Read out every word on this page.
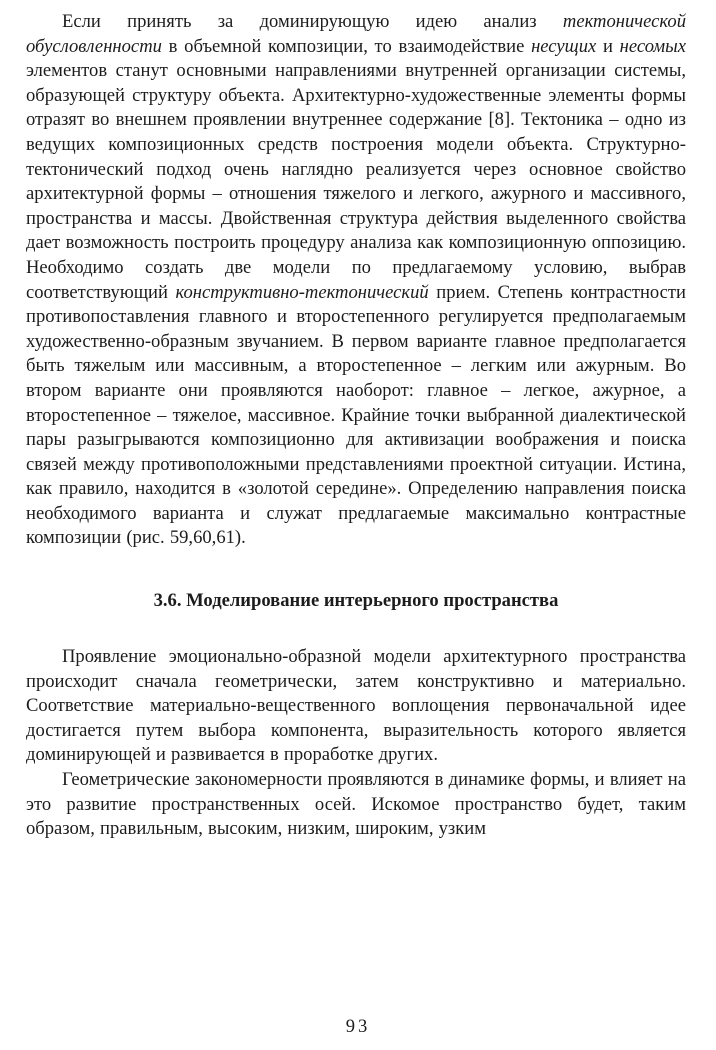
Если принять за доминирующую идею анализ тектонической обусловленности в объемной композиции, то взаимодействие несущих и несомых элементов станут основными направлениями внутренней организации системы, образующей структуру объекта. Архитектурно-художественные элементы формы отразят во внешнем проявлении внутреннее содержание [8]. Тектоника – одно из ведущих композиционных средств построения модели объекта. Структурно-тектонический подход очень наглядно реализуется через основное свойство архитектурной формы – отношения тяжелого и легкого, ажурного и массивного, пространства и массы. Двойственная структура действия выделенного свойства дает возможность построить процедуру анализа как композиционную оппозицию. Необходимо создать две модели по предлагаемому условию, выбрав соответствующий конструктивно-тектонический прием. Степень контрастности противопоставления главного и второстепенного регулируется предполагаемым художественно-образным звучанием. В первом варианте главное предполагается быть тяжелым или массивным, а второстепенное – легким или ажурным. Во втором варианте они проявляются наоборот: главное – легкое, ажурное, а второстепенное – тяжелое, массивное. Крайние точки выбранной диалектической пары разыгрываются композиционно для активизации воображения и поиска связей между противоположными представлениями проектной ситуации. Истина, как правило, находится в «золотой середине». Определению направления поиска необходимого варианта и служат предлагаемые максимально контрастные композиции (рис. 59,60,61).

3.6. Моделирование интерьерного пространства

Проявление эмоционально-образной модели архитектурного пространства происходит сначала геометрически, затем конструктивно и материально. Соответствие материально-вещественного воплощения первоначальной идее достигается путем выбора компонента, выразительность которого является доминирующей и развивается в проработке других.

Геометрические закономерности проявляются в динамике формы, и влияет на это развитие пространственных осей. Искомое пространство будет, таким образом, правильным, высоким, низким, широким, узким

93
